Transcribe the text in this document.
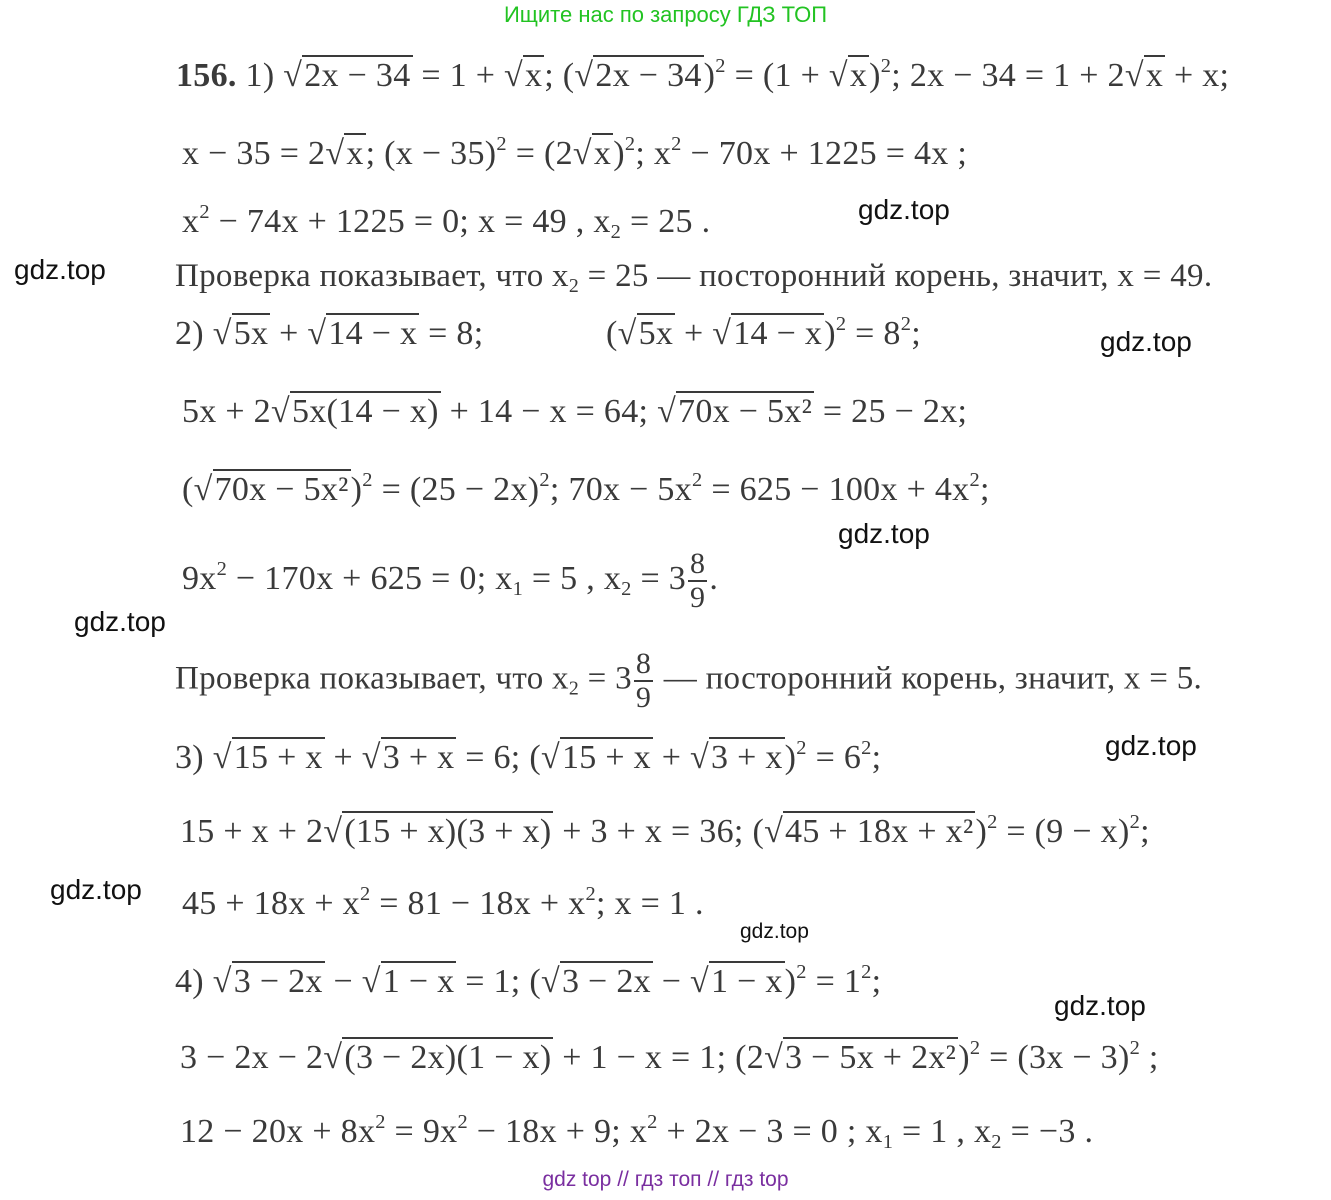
Ищите нас по запросу ГДЗ ТОП
gdz.top
gdz.top
gdz.top
gdz.top
gdz.top
gdz.top
gdz.top
gdz.top
gdz.top
156. 1) √2x − 34 = 1 + √x; $(√2x - 34)^2 = (1 + √x)^2$; 2x − 34 = 1 + 2√x + x;
x − 35 = 2√x; $(x - 35)^2 = (2√x)^2$; $x^2 - 70x + 1225 = 4x$ ;
$x^2 - 74x + 1225 = 0$; x = 49 , $x_2 = 25$ .
Проверка показывает, что $x_2 = 25$ — посторонний корень, значит, x = 49.
2) √5x + √14 − x = 8;	$(√5x + √14 - x)^2 = 8^2$;
5x + 2√5x(14 − x) + 14 − x = 64; √70x − 5x² = 25 − 2x;
$(√70x - 5x^2)^2 = (25 - 2x)^2$; $70x - 5x^2 = 625 - 100x + 4x^2$;
$9x^2 - 170x + 625 = 0$; $x_1 = 5$ , $x_2 = 3 \frac{8}{9}$ .
Проверка показывает, что $x_2 = 3 \frac{8}{9}$ — посторонний корень, значит, x = 5.
3) √15 + x + √3 + x = 6; $(√15 + x + √3 + x)^2 = 6^2$;
15 + x + 2√(15 + x)(3 + x) + 3 + x = 36; $(√45 + 18x + x^2)^2 = (9 - x)^2$;
$45 + 18x + x^2 = 81 - 18x + x^2$; x = 1 .
4) √3 − 2x − √1 − x = 1; $(√3 - 2x - √1 - x)^2 = 1^2$;
3 − 2x − 2√(3 − 2x)(1 − x) + 1 − x = 1; $(2√3 - 5x + 2x^2)^2 = (3x - 3)^2$ ;
$12 - 20x + 8x^2 = 9x^2 - 18x + 9$; $x^2 + 2x - 3 = 0$ ; $x_1 = 1$ , $x_2 = -3$ .
gdz top // гдз топ // гдз top
